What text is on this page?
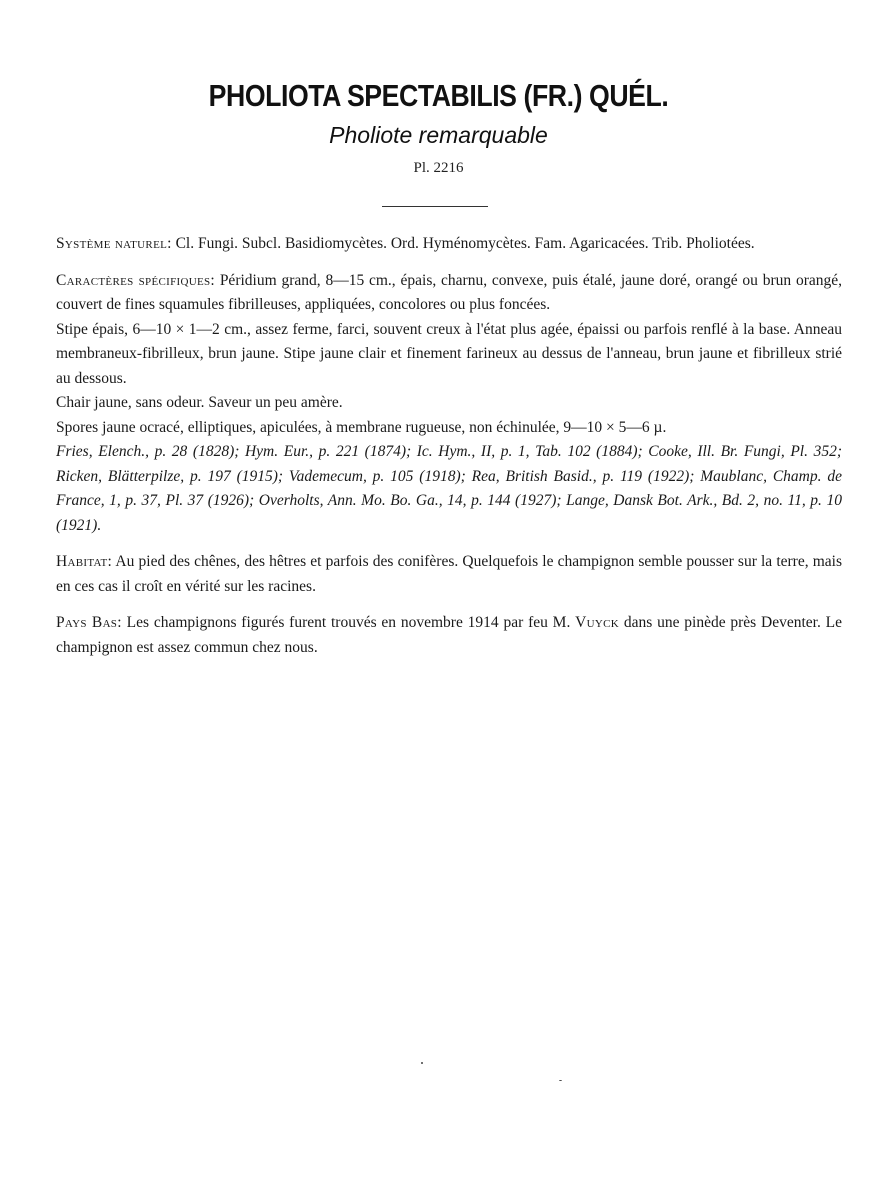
PHOLIOTA SPECTABILIS (FR.) QUÉL.
Pholiote remarquable
Pl. 2216

Système naturel: Cl. Fungi. Subcl. Basidiomycètes. Ord. Hyménomycètes. Fam. Agaricacées. Trib. Pholiotées.

Caractères spécifiques: Péridium grand, 8—15 cm., épais, charnu, convexe, puis étalé, jaune doré, orangé ou brun orangé, couvert de fines squamules fibrilleuses, appliquées, concolores ou plus foncées.

Stipe épais, 6—10 × 1—2 cm., assez ferme, farci, souvent creux à l'état plus agée, épaissi ou parfois renflé à la base. Anneau membraneux-fibrilleux, brun jaune. Stipe jaune clair et finement farineux au dessus de l'anneau, brun jaune et fibrilleux strié au dessous.

Chair jaune, sans odeur. Saveur un peu amère.

Spores jaune ocracé, elliptiques, apiculées, à membrane rugueuse, non échinulée, 9—10 × 5—6 µ.

Fries, Elench., p. 28 (1828); Hym. Eur., p. 221 (1874); Ic. Hym., II, p. 1, Tab. 102 (1884); Cooke, Ill. Br. Fungi, Pl. 352; Ricken, Blätterpilze, p. 197 (1915); Vademecum, p. 105 (1918); Rea, British Basid., p. 119 (1922); Maublanc, Champ. de France, 1, p. 37, Pl. 37 (1926); Overholts, Ann. Mo. Bo. Ga., 14, p. 144 (1927); Lange, Dansk Bot. Ark., Bd. 2, no. 11, p. 10 (1921).

Habitat: Au pied des chênes, des hêtres et parfois des conifères. Quelquefois le champignon semble pousser sur la terre, mais en ces cas il croît en vérité sur les racines.

Pays Bas: Les champignons figurés furent trouvés en novembre 1914 par feu M. Vuyck dans une pinède près Deventer. Le champignon est assez commun chez nous.
